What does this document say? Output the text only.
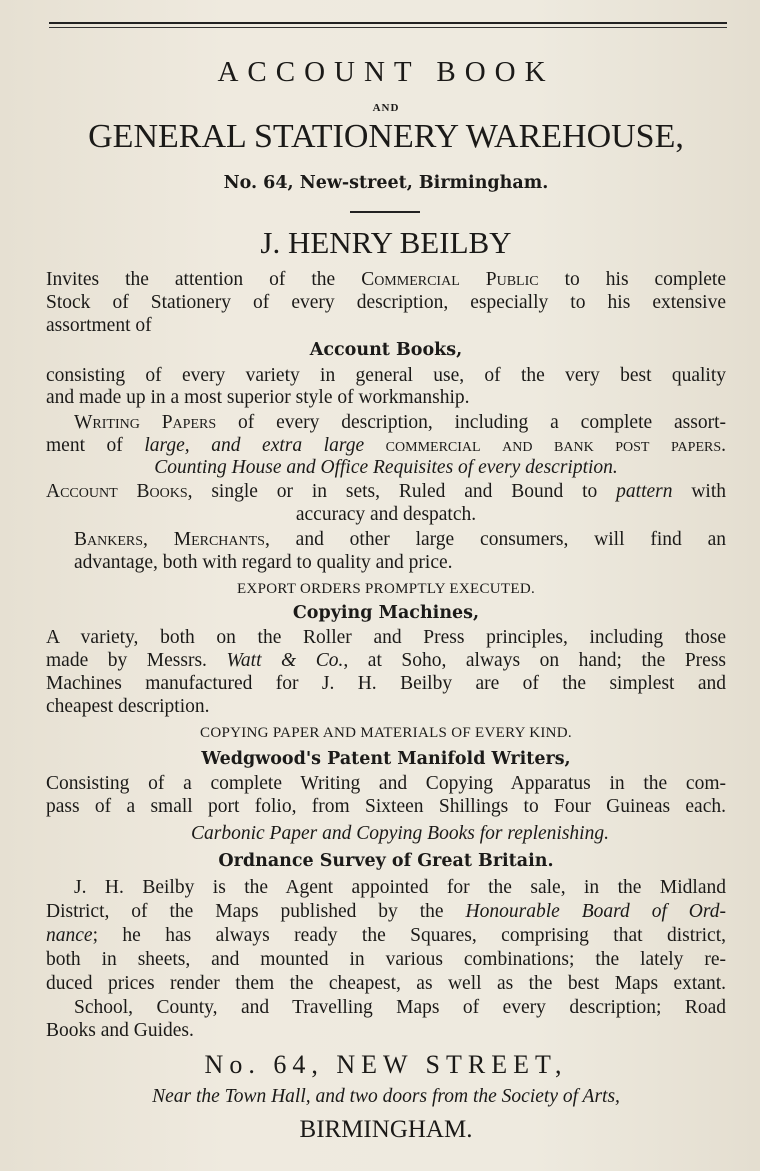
ACCOUNT BOOK
AND
GENERAL STATIONERY WAREHOUSE,
No. 64, New-street, Birmingham.
J. HENRY BEILBY
Invites the attention of the Commercial Public to his complete
Stock of Stationery of every description, especially to his extensive
assortment of
Account Books,
consisting of every variety in general use, of the very best quality
and made up in a most superior style of workmanship.
Writing Papers of every description, including a complete assort-
ment of large, and extra large commercial and bank post papers.
Counting House and Office Requisites of every description.
Account Books, single or in sets, Ruled and Bound to pattern with
accuracy and despatch.
Bankers, Merchants, and other large consumers, will find an
advantage, both with regard to quality and price.
EXPORT ORDERS PROMPTLY EXECUTED.
Copying Machines,
A variety, both on the Roller and Press principles, including those
made by Messrs. Watt & Co., at Soho, always on hand; the Press
Machines manufactured for J. H. Beilby are of the simplest and
cheapest description.
COPYING PAPER AND MATERIALS OF EVERY KIND.
Wedgwood's Patent Manifold Writers,
Consisting of a complete Writing and Copying Apparatus in the com-
pass of a small port folio, from Sixteen Shillings to Four Guineas each.
Carbonic Paper and Copying Books for replenishing.
Ordnance Survey of Great Britain.
J. H. Beilby is the Agent appointed for the sale, in the Midland
District, of the Maps published by the Honourable Board of Ord-
nance; he has always ready the Squares, comprising that district,
both in sheets, and mounted in various combinations; the lately re-
duced prices render them the cheapest, as well as the best Maps extant.
School, County, and Travelling Maps of every description; Road
Books and Guides.
No. 64, NEW STREET,
Near the Town Hall, and two doors from the Society of Arts,
BIRMINGHAM.
